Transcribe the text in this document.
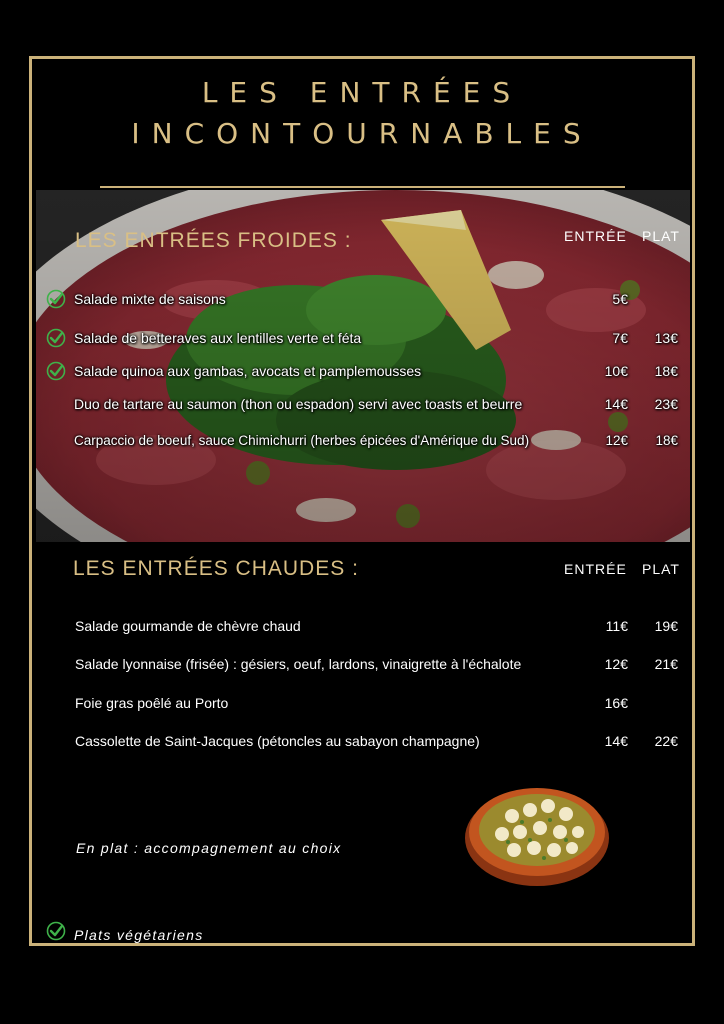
LES ENTRÉES
INCONTOURNABLES
LES ENTRÉES FROIDES :	ENTRÉE PLAT
Salade mixte de saisons	5€
Salade de betteraves aux lentilles verte et féta	7€ 13€
Salade quinoa aux gambas, avocats et pamplemousses	10€ 18€
Duo de tartare au saumon (thon ou espadon) servi avec toasts et beurre	14€ 23€
Carpaccio de boeuf, sauce Chimichurri (herbes épicées d'Amérique du Sud)	12€ 18€
LES ENTRÉES CHAUDES :	ENTRÉE PLAT
Salade gourmande de chèvre chaud	11€ 19€
Salade lyonnaise (frisée) : gésiers, oeuf, lardons, vinaigrette à l'échalote	12€ 21€
Foie gras poêlé au Porto	16€
Cassolette de Saint-Jacques (pétoncles au sabayon champagne)	14€ 22€
En plat : accompagnement au choix
Plats végétariens
